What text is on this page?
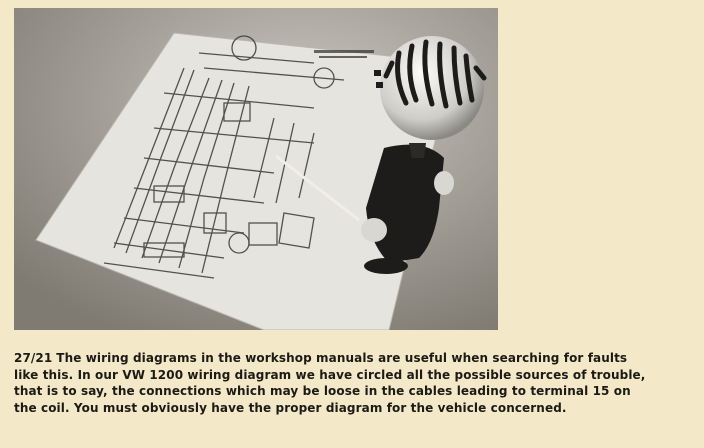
27/21 The wiring diagrams in the workshop manuals are useful when searching for faults
like this. In our VW 1200 wiring diagram we have circled all the possible sources of trouble,
that is to say, the connections which may be loose in the cables leading to terminal 15 on
the coil. You must obviously have the proper diagram for the vehicle concerned.
